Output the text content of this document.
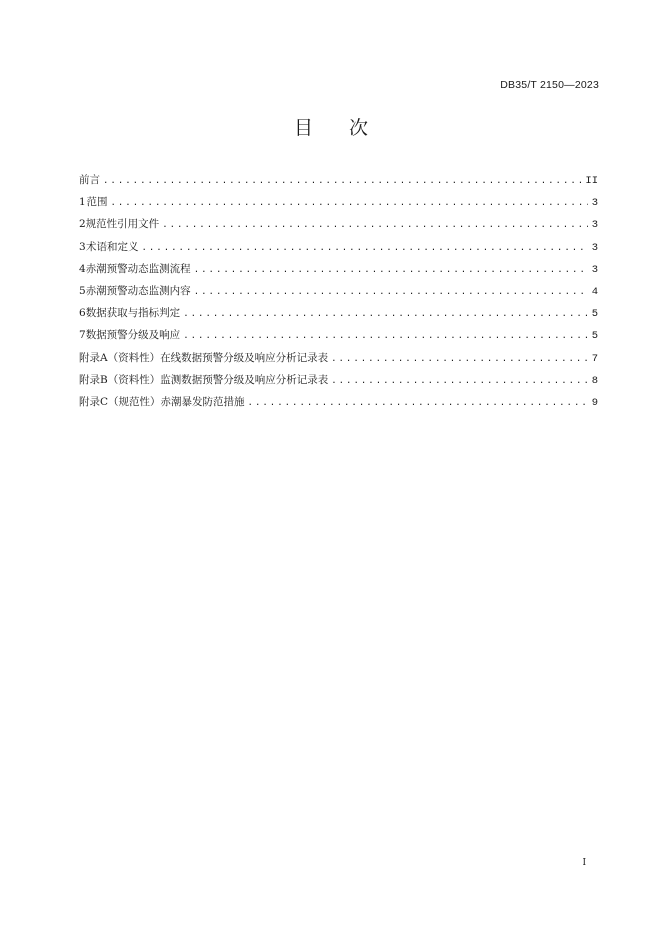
DB35/T 2150—2023
目 次
前言 .....	II
1 范围 .....	3
2 规范性引用文件 .....	3
3 术语和定义 .....	3
4 赤潮预警动态监测流程 .....	3
5 赤潮预警动态监测内容 .....	4
6 数据获取与指标判定 .....	5
7 数据预警分级及响应 .....	5
附录A（资料性） 在线数据预警分级及响应分析记录表 .....	7
附录B（资料性） 监测数据预警分级及响应分析记录表 .....	8
附录C（规范性） 赤潮暴发防范措施 .....	9
I
